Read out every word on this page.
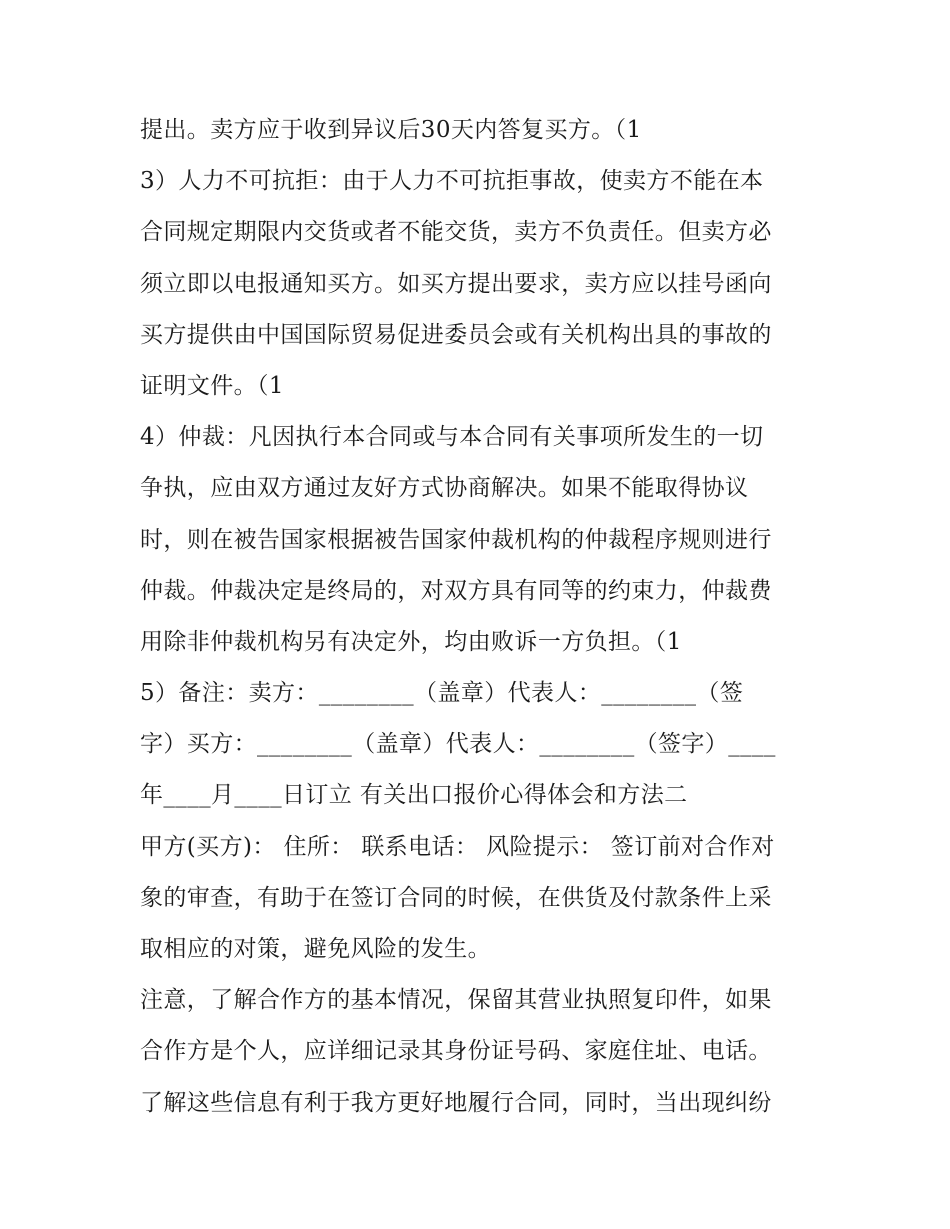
提出。卖方应于收到异议后30天内答复买方。（1
3）人力不可抗拒：由于人力不可抗拒事故，使卖方不能在本
合同规定期限内交货或者不能交货，卖方不负责任。但卖方必
须立即以电报通知买方。如买方提出要求，卖方应以挂号函向
买方提供由中国国际贸易促进委员会或有关机构出具的事故的
证明文件。（1
4）仲裁：凡因执行本合同或与本合同有关事项所发生的一切
争执，应由双方通过友好方式协商解决。如果不能取得协议
时，则在被告国家根据被告国家仲裁机构的仲裁程序规则进行
仲裁。仲裁决定是终局的，对双方具有同等的约束力，仲裁费
用除非仲裁机构另有决定外，均由败诉一方负担。（1
5）备注：卖方：________（盖章）代表人：________（签
字）买方：________（盖章）代表人：________（签字）____
年____月____日订立 有关出口报价心得体会和方法二
甲方(买方)： 住所： 联系电话： 风险提示： 签订前对合作对
象的审查，有助于在签订合同的时候，在供货及付款条件上采
取相应的对策，避免风险的发生。
注意，了解合作方的基本情况，保留其营业执照复印件，如果
合作方是个人，应详细记录其身份证号码、家庭住址、电话。
了解这些信息有利于我方更好地履行合同，同时，当出现纠纷
